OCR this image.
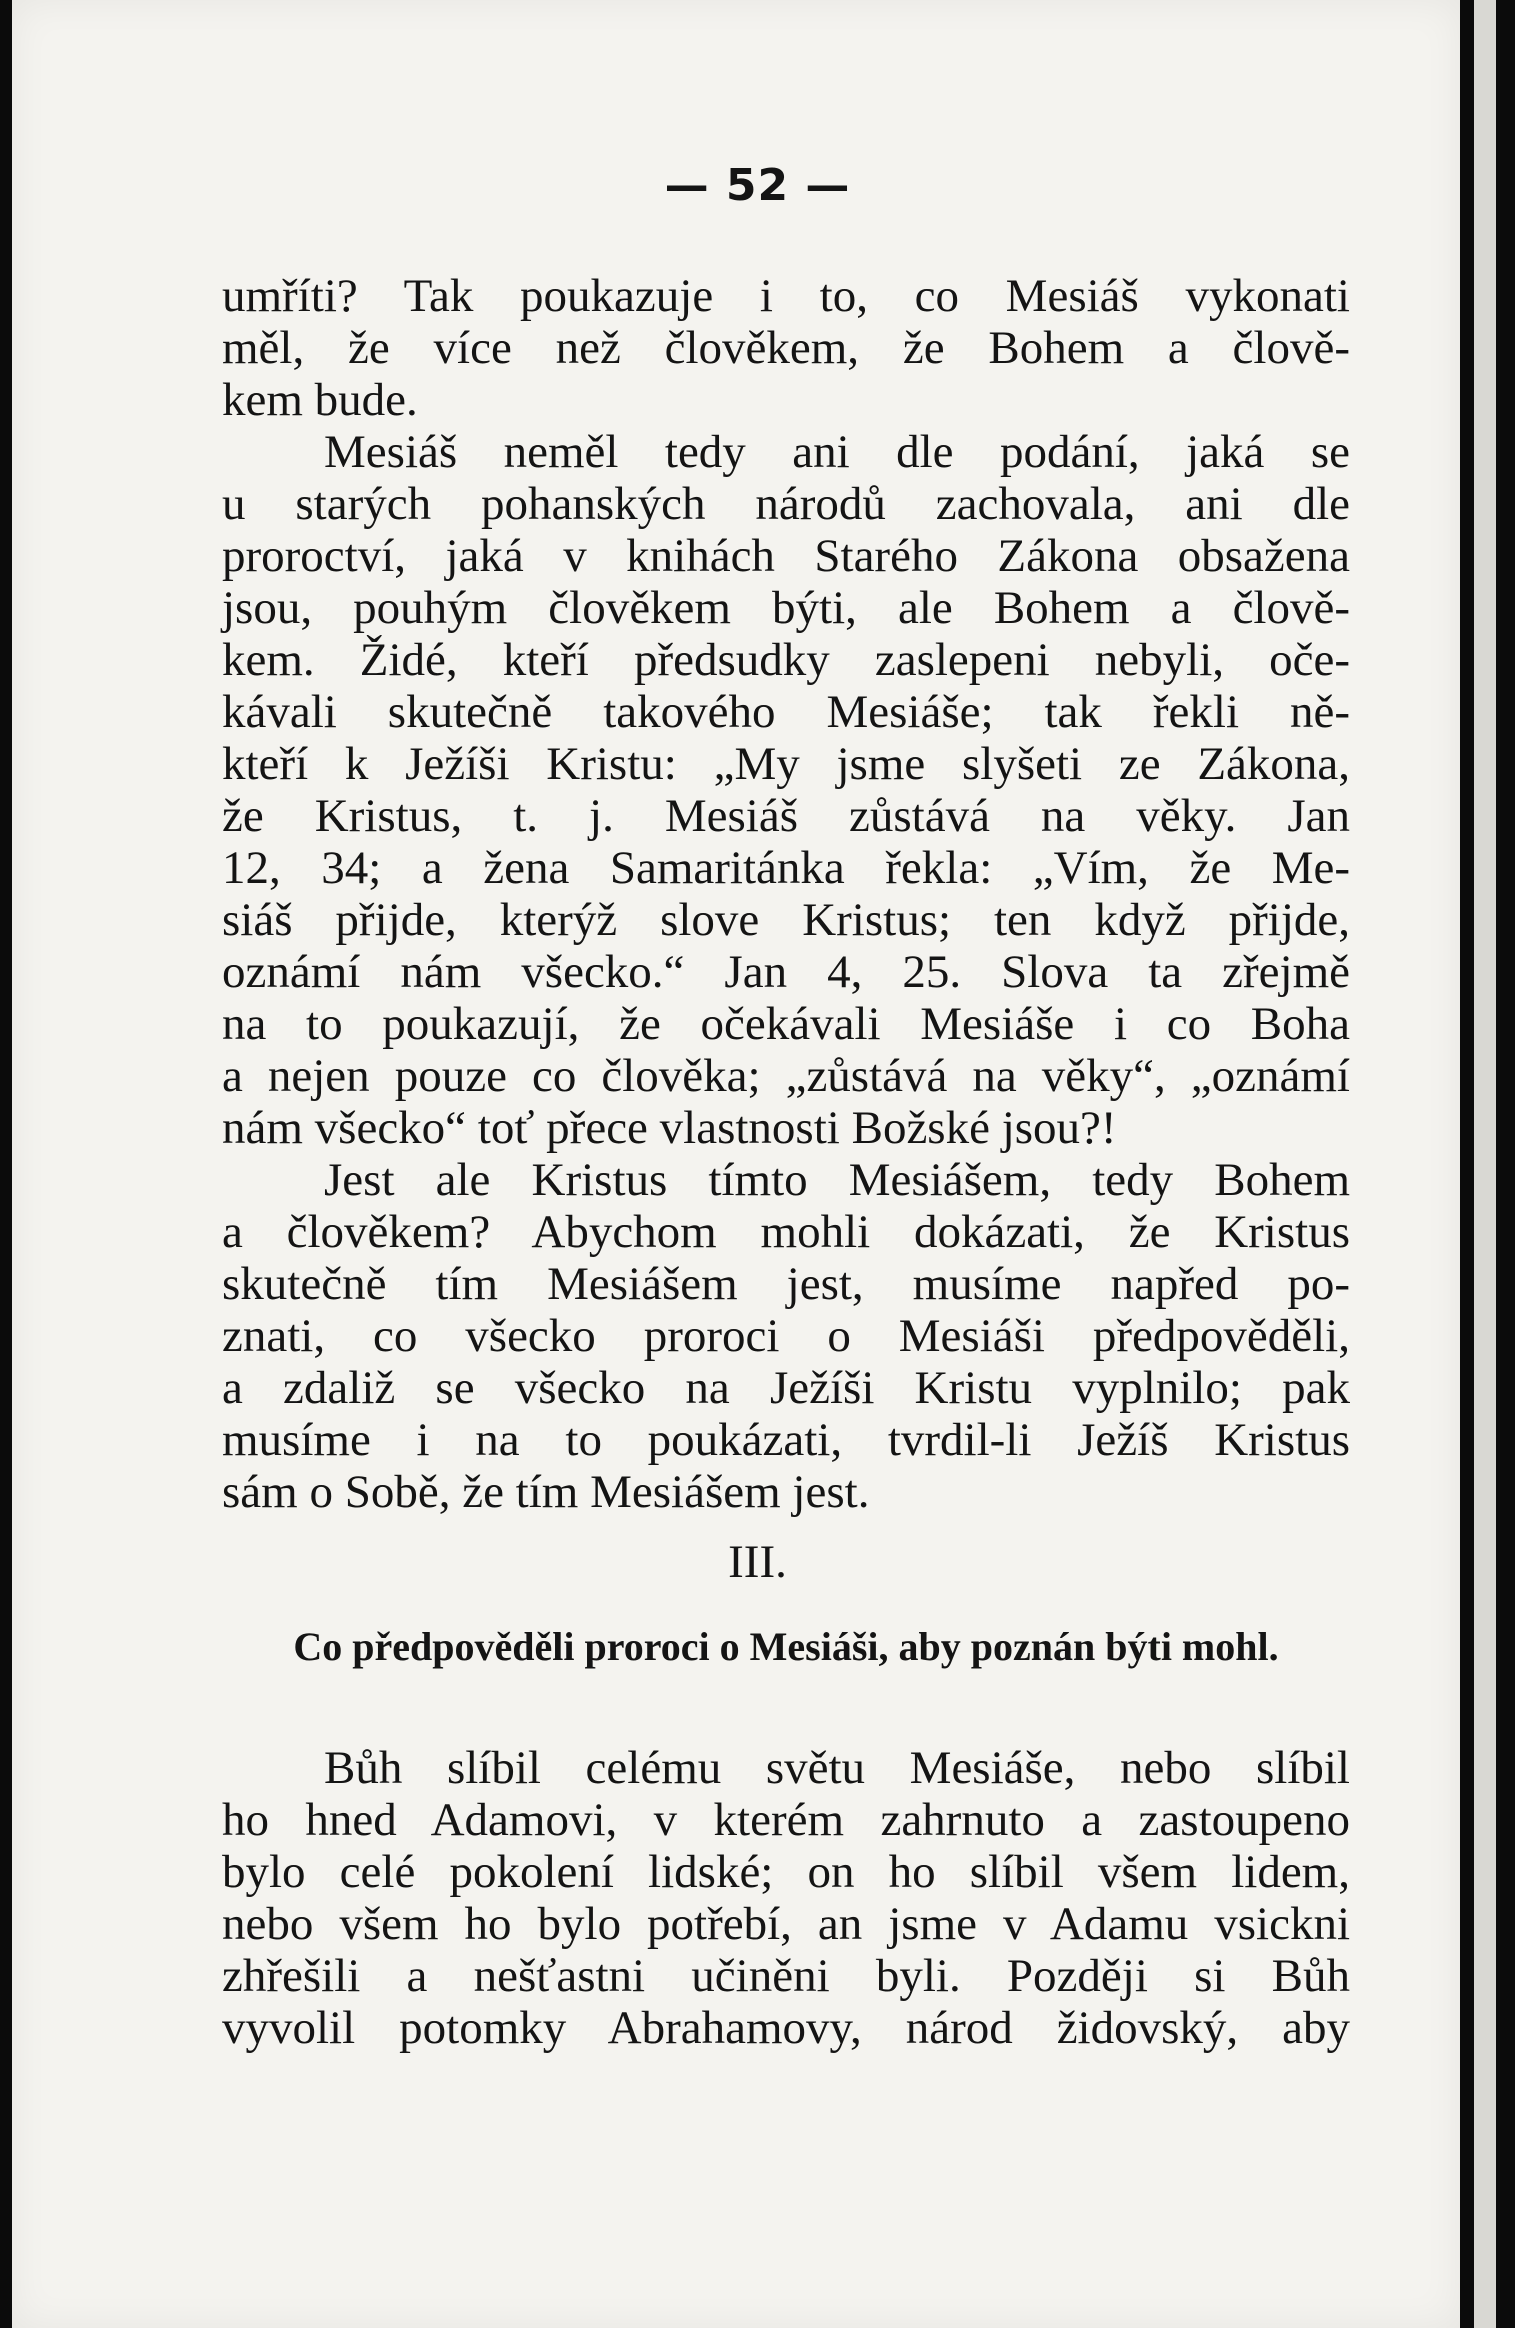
— 52 —
umříti? Tak poukazuje i to, co Mesiáš vykonati
měl, že více než člověkem, že Bohem a člově-
kem bude.
Mesiáš neměl tedy ani dle podání, jaká se
u starých pohanských národů zachovala, ani dle
proroctví, jaká v knihách Starého Zákona obsažena
jsou, pouhým člověkem býti, ale Bohem a člově-
kem. Židé, kteří předsudky zaslepeni nebyli, oče-
kávali skutečně takového Mesiáše; tak řekli ně-
kteří k Ježíši Kristu: „My jsme slyšeti ze Zákona,
že Kristus, t. j. Mesiáš zůstává na věky. Jan
12, 34; a žena Samaritánka řekla: „Vím, že Me-
siáš přijde, kterýž slove Kristus; ten když přijde,
oznámí nám všecko.“ Jan 4, 25. Slova ta zřejmě
na to poukazují, že očekávali Mesiáše i co Boha
a nejen pouze co člověka; „zůstává na věky“, „oznámí
nám všecko“ toť přece vlastnosti Božské jsou?!
Jest ale Kristus tímto Mesiášem, tedy Bohem
a člověkem? Abychom mohli dokázati, že Kristus
skutečně tím Mesiášem jest, musíme napřed po-
znati, co všecko proroci o Mesiáši předpověděli,
a zdaliž se všecko na Ježíši Kristu vyplnilo; pak
musíme i na to poukázati, tvrdil-li Ježíš Kristus
sám o Sobě, že tím Mesiášem jest.
III.
Co předpověděli proroci o Mesiáši, aby poznán býti mohl.
Bůh slíbil celému světu Mesiáše, nebo slíbil
ho hned Adamovi, v kterém zahrnuto a zastoupeno
bylo celé pokolení lidské; on ho slíbil všem lidem,
nebo všem ho bylo potřebí, an jsme v Adamu vsickni
zhřešili a nešťastni učiněni byli. Později si Bůh
vyvolil potomky Abrahamovy, národ židovský, aby
